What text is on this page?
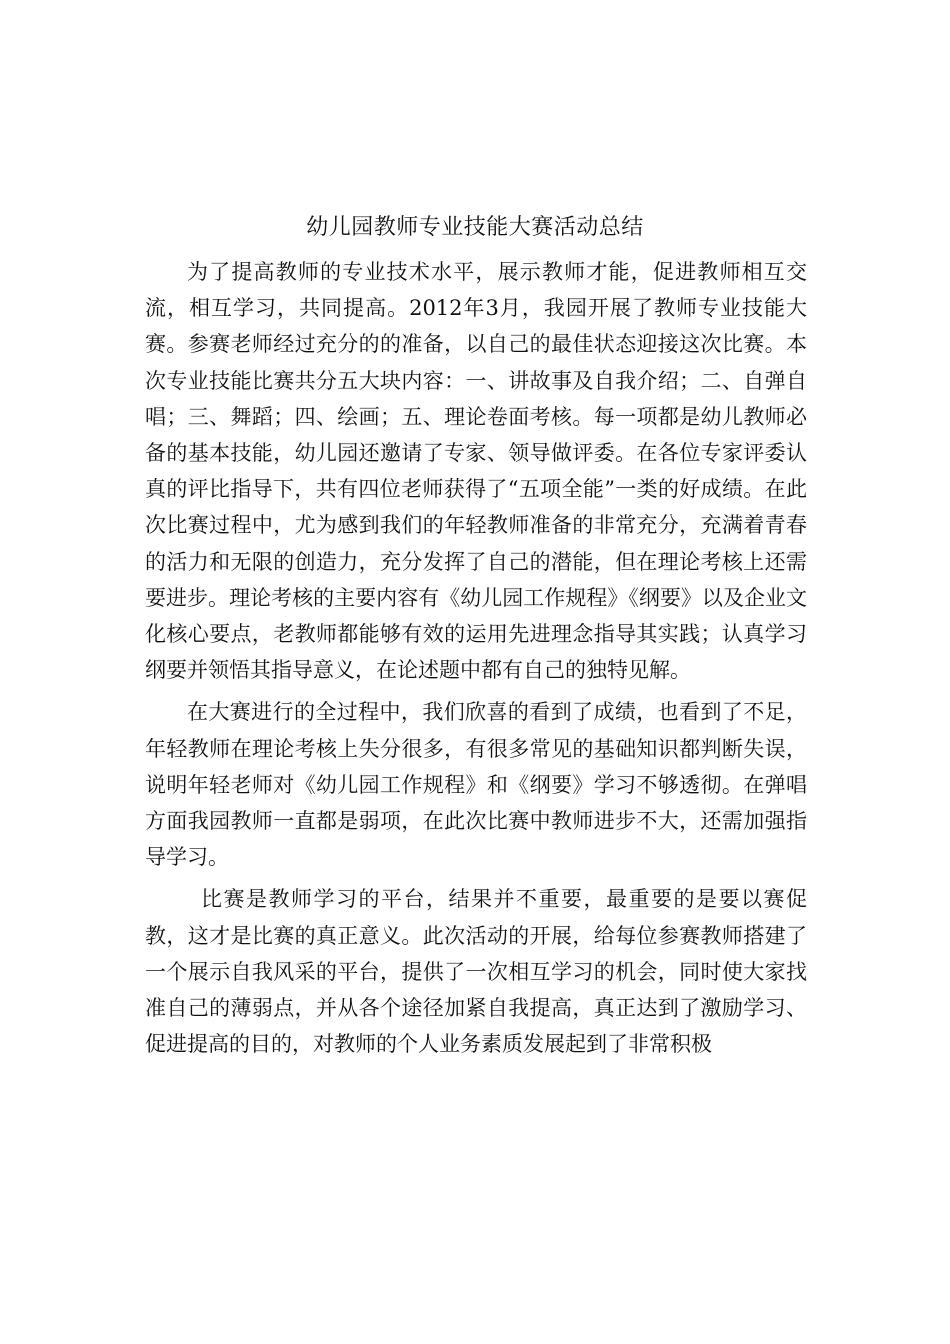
幼儿园教师专业技能大赛活动总结

为了提高教师的专业技术水平，展示教师才能，促进教师相互交流，相互学习，共同提高。2012年3月，我园开展了教师专业技能大赛。参赛老师经过充分的的准备，以自己的最佳状态迎接这次比赛。本次专业技能比赛共分五大块内容：一、讲故事及自我介绍；二、自弹自唱；三、舞蹈；四、绘画；五、理论卷面考核。每一项都是幼儿教师必备的基本技能，幼儿园还邀请了专家、领导做评委。在各位专家评委认真的评比指导下，共有四位老师获得了“五项全能”一类的好成绩。在此次比赛过程中，尤为感到我们的年轻教师准备的非常充分，充满着青春的活力和无限的创造力，充分发挥了自己的潜能，但在理论考核上还需要进步。理论考核的主要内容有《幼儿园工作规程》《纲要》以及企业文化核心要点，老教师都能够有效的运用先进理念指导其实践；认真学习纲要并领悟其指导意义，在论述题中都有自己的独特见解。

在大赛进行的全过程中，我们欣喜的看到了成绩，也看到了不足，年轻教师在理论考核上失分很多，有很多常见的基础知识都判断失误，说明年轻老师对《幼儿园工作规程》和《纲要》学习不够透彻。在弹唱方面我园教师一直都是弱项，在此次比赛中教师进步不大，还需加强指导学习。

比赛是教师学习的平台，结果并不重要，最重要的是要以赛促教，这才是比赛的真正意义。此次活动的开展，给每位参赛教师搭建了一个展示自我风采的平台，提供了一次相互学习的机会，同时使大家找准自己的薄弱点，并从各个途径加紧自我提高，真正达到了激励学习、促进提高的目的，对教师的个人业务素质发展起到了非常积极
